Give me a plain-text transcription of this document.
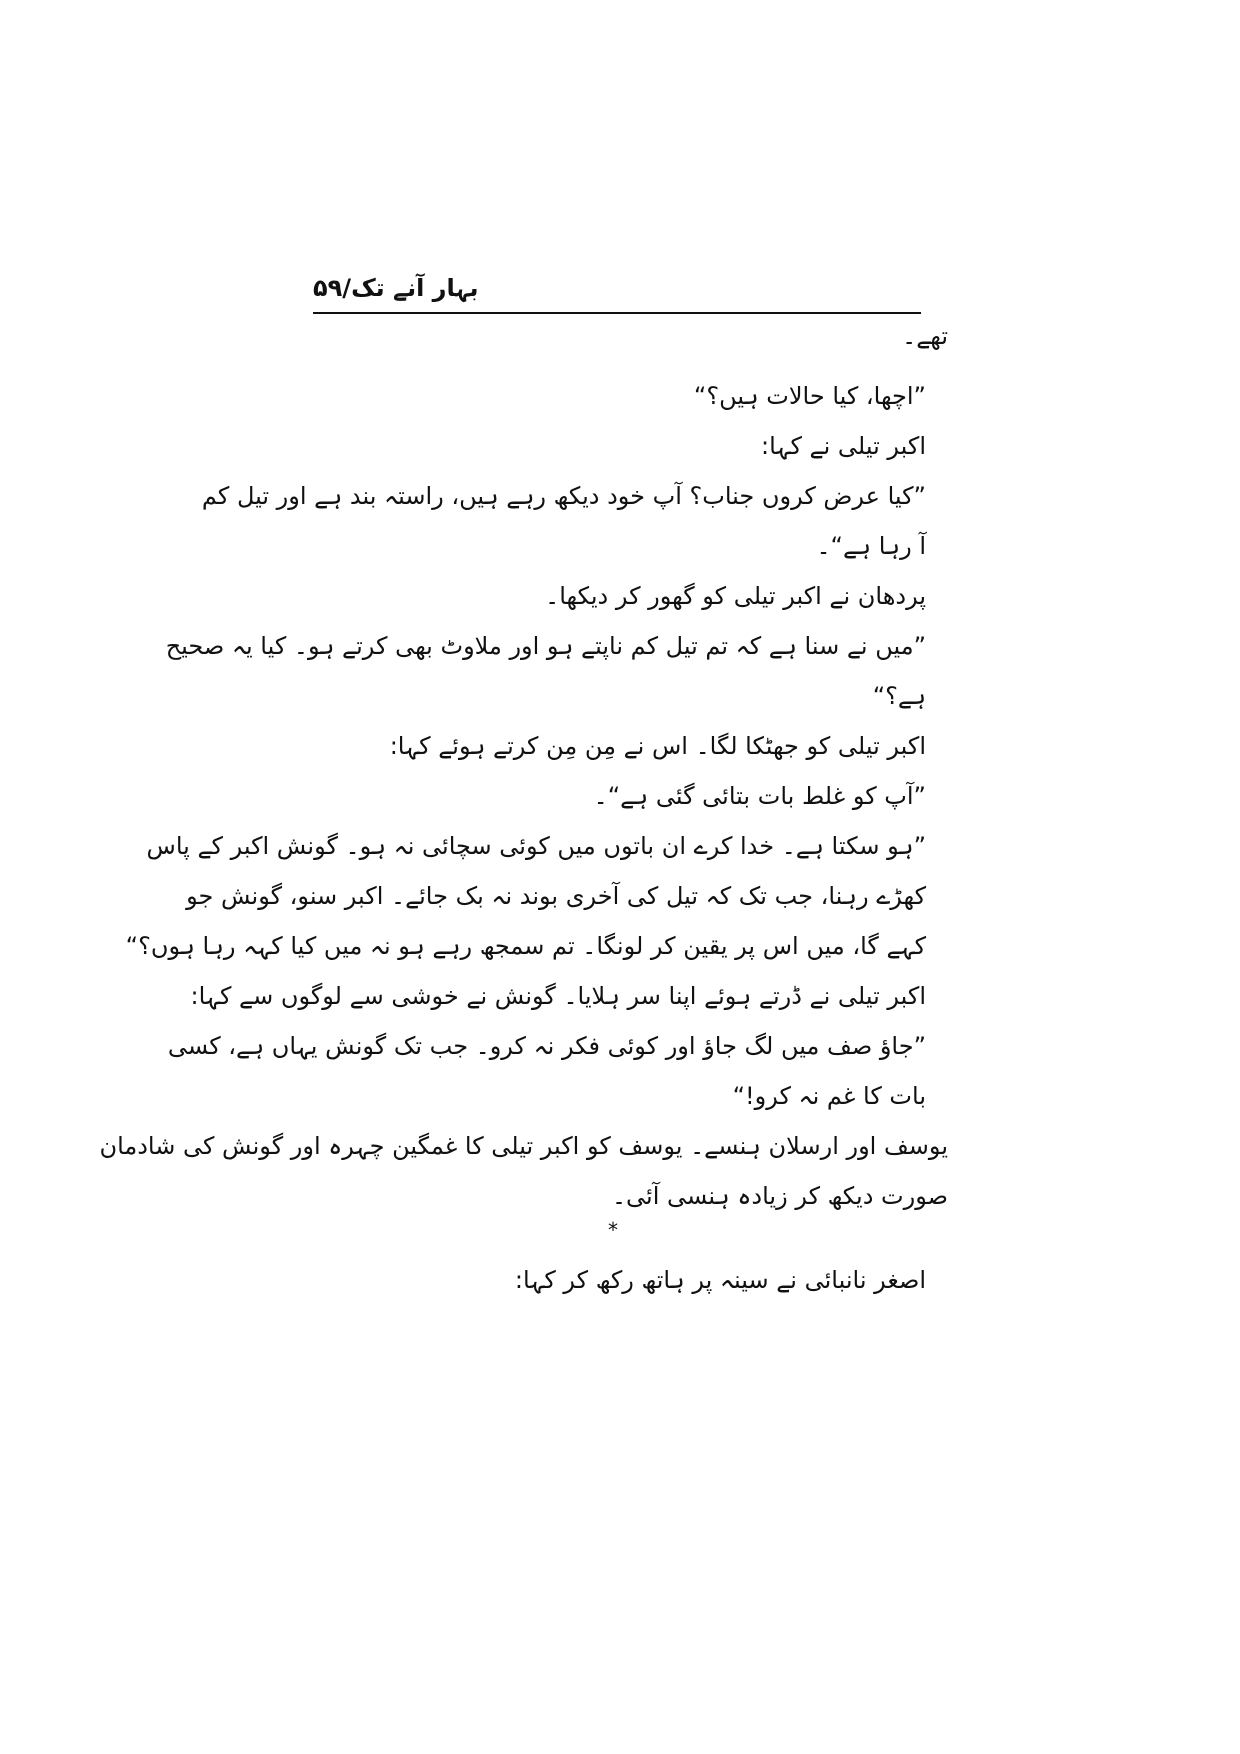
بہار آنے تک/۵۹
تھے۔
”اچھا، کیا حالات ہیں؟“
اکبر تیلی نے کہا:
”کیا عرض کروں جناب؟ آپ خود دیکھ رہے ہیں، راستہ بند ہے اور تیل کم
آ رہا ہے“۔
پردھان نے اکبر تیلی کو گھور کر دیکھا۔
”میں نے سنا ہے کہ تم تیل کم ناپتے ہو اور ملاوٹ بھی کرتے ہو۔ کیا یہ صحیح
ہے؟“
اکبر تیلی کو جھٹکا لگا۔ اس نے مِن مِن کرتے ہوئے کہا:
”آپ کو غلط بات بتائی گئی ہے“۔
”ہو سکتا ہے۔ خدا کرے ان باتوں میں کوئی سچائی نہ ہو۔ گونش اکبر کے پاس
کھڑے رہنا، جب تک کہ تیل کی آخری بوند نہ بک جائے۔ اکبر سنو، گونش جو
کہے گا، میں اس پر یقین کر لونگا۔ تم سمجھ رہے ہو نہ میں کیا کہہ رہا ہوں؟“
اکبر تیلی نے ڈرتے ہوئے اپنا سر ہلایا۔ گونش نے خوشی سے لوگوں سے کہا:
”جاؤ صف میں لگ جاؤ اور کوئی فکر نہ کرو۔ جب تک گونش یہاں ہے، کسی
بات کا غم نہ کرو!“
یوسف اور ارسلان ہنسے۔ یوسف کو اکبر تیلی کا غمگین چہرہ اور گونش کی شادمان
صورت دیکھ کر زیادہ ہنسی آئی۔
*
اصغر نانبائی نے سینہ پر ہاتھ رکھ کر کہا:
